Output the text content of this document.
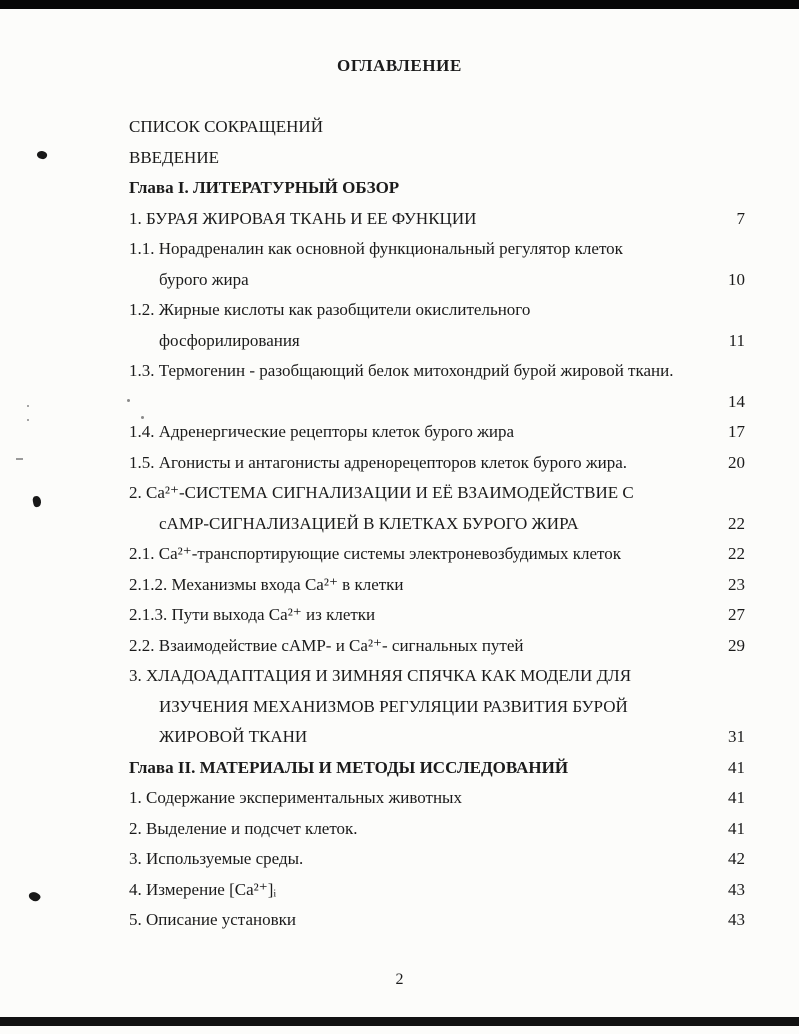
ОГЛАВЛЕНИЕ
СПИСОК СОКРАЩЕНИЙ
ВВЕДЕНИЕ
Глава I. ЛИТЕРАТУРНЫЙ ОБЗОР
1. БУРАЯ ЖИРОВАЯ ТКАНЬ И ЕЕ ФУНКЦИИ	7
1.1. Норадреналин как основной функциональный регулятор клеток
бурого жира	10
1.2. Жирные кислоты как разобщители окислительного
фосфорилирования	11
1.3. Термогенин - разобщающий белок митохондрий бурой жировой ткани.
14
1.4. Адренергические рецепторы клеток бурого жира	17
1.5. Агонисты и антагонисты адренорецепторов клеток бурого жира.	20
2. Ca²⁺-СИСТЕМА СИГНАЛИЗАЦИИ И ЕЁ ВЗАИМОДЕЙСТВИЕ С
cAMP-СИГНАЛИЗАЦИЕЙ В КЛЕТКАХ БУРОГО ЖИРА	22
2.1. Ca²⁺-транспортирующие системы электроневозбудимых клеток	22
2.1.2. Механизмы входа Ca²⁺ в клетки	23
2.1.3. Пути выхода Ca²⁺ из клетки	27
2.2. Взаимодействие cAMP- и Ca²⁺- сигнальных путей	29
3. ХЛАДОАДАПТАЦИЯ И ЗИМНЯЯ СПЯЧКА КАК МОДЕЛИ ДЛЯ
ИЗУЧЕНИЯ МЕХАНИЗМОВ РЕГУЛЯЦИИ РАЗВИТИЯ БУРОЙ
ЖИРОВОЙ ТКАНИ	31
Глава II. МАТЕРИАЛЫ И МЕТОДЫ ИССЛЕДОВАНИЙ	41
1. Содержание экспериментальных животных	41
2. Выделение и подсчет клеток.	41
3. Используемые среды.	42
4. Измерение [Ca²⁺]ᵢ	43
5. Описание установки	43
2
